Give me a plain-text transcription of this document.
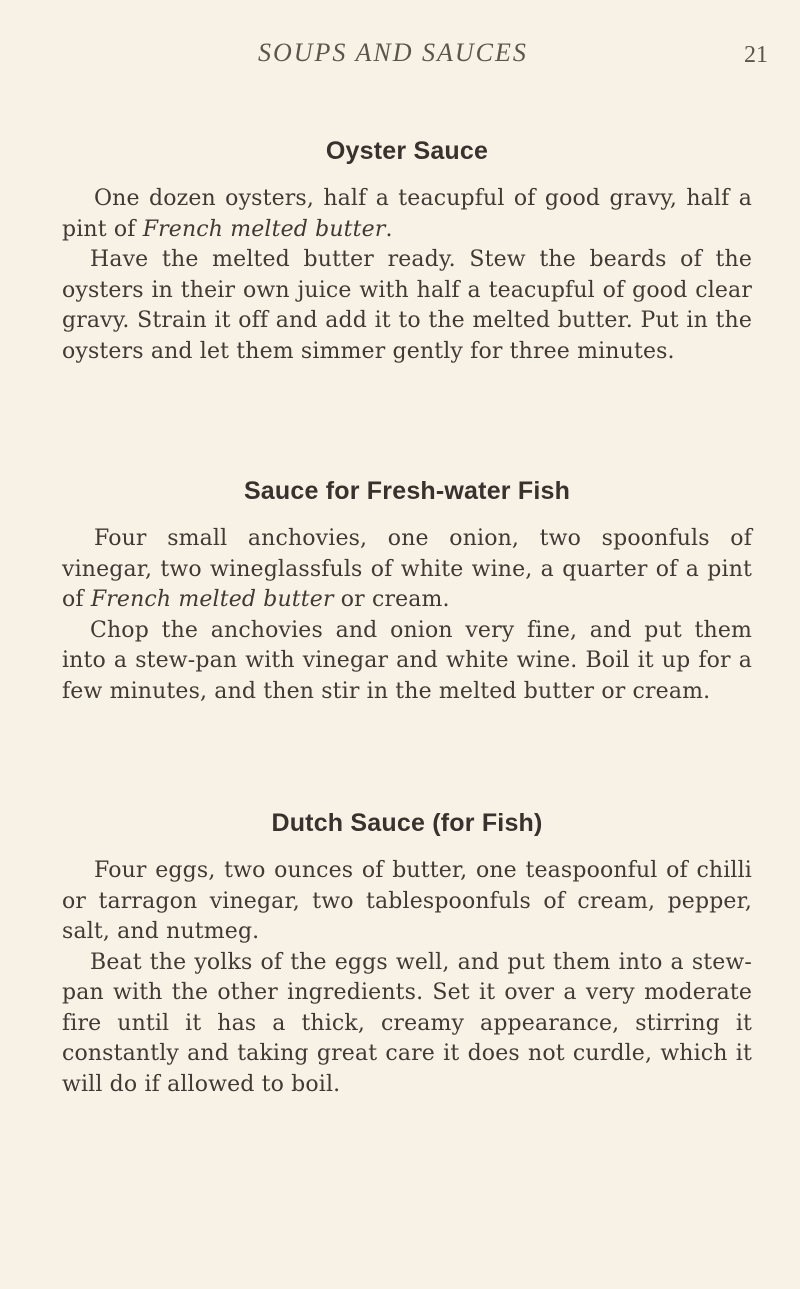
SOUPS AND SAUCES	21
Oyster Sauce

One dozen oysters, half a teacupful of good gravy, half a pint of French melted butter.

Have the melted butter ready. Stew the beards of the oysters in their own juice with half a teacupful of good clear gravy. Strain it off and add it to the melted butter. Put in the oysters and let them simmer gently for three minutes.

Sauce for Fresh-water Fish

Four small anchovies, one onion, two spoonfuls of vinegar, two wineglassfuls of white wine, a quarter of a pint of French melted butter or cream.

Chop the anchovies and onion very fine, and put them into a stew-pan with vinegar and white wine. Boil it up for a few minutes, and then stir in the melted butter or cream.

Dutch Sauce (for Fish)

Four eggs, two ounces of butter, one teaspoonful of chilli or tarragon vinegar, two tablespoonfuls of cream, pepper, salt, and nutmeg.

Beat the yolks of the eggs well, and put them into a stew-pan with the other ingredients. Set it over a very moderate fire until it has a thick, creamy appearance, stirring it constantly and taking great care it does not curdle, which it will do if allowed to boil.
